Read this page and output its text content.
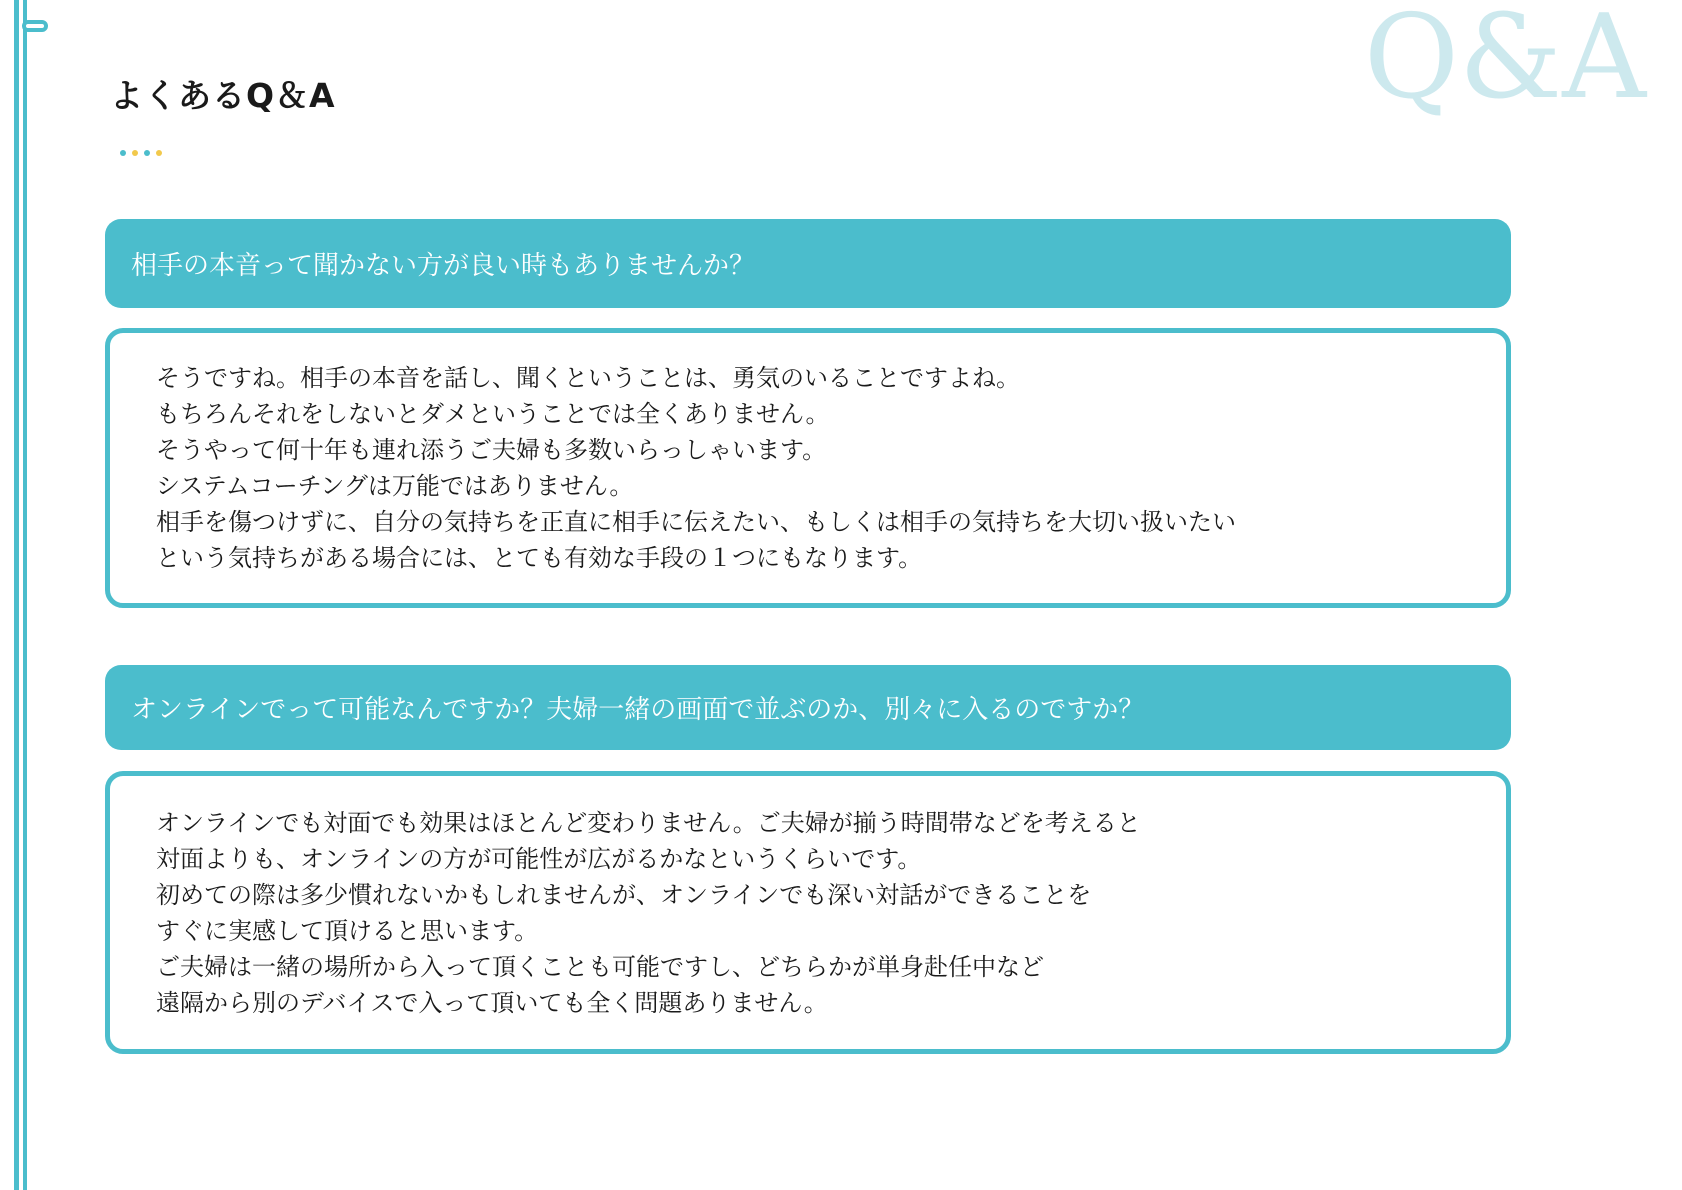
Q&A
よくあるQ＆A
相手の本音って聞かない方が良い時もありませんか？
そうですね。相手の本音を話し、聞くということは、勇気のいることですよね。
もちろんそれをしないとダメということでは全くありません。
そうやって何十年も連れ添うご夫婦も多数いらっしゃいます。
システムコーチングは万能ではありません。
相手を傷つけずに、自分の気持ちを正直に相手に伝えたい、もしくは相手の気持ちを大切い扱いたい
という気持ちがある場合には、とても有効な手段の１つにもなります。
オンラインでって可能なんですか？夫婦一緒の画面で並ぶのか、別々に入るのですか？
オンラインでも対面でも効果はほとんど変わりません。ご夫婦が揃う時間帯などを考えると
対面よりも、オンラインの方が可能性が広がるかなというくらいです。
初めての際は多少慣れないかもしれませんが、オンラインでも深い対話ができることを
すぐに実感して頂けると思います。
ご夫婦は一緒の場所から入って頂くことも可能ですし、どちらかが単身赴任中など
遠隔から別のデバイスで入って頂いても全く問題ありません。
